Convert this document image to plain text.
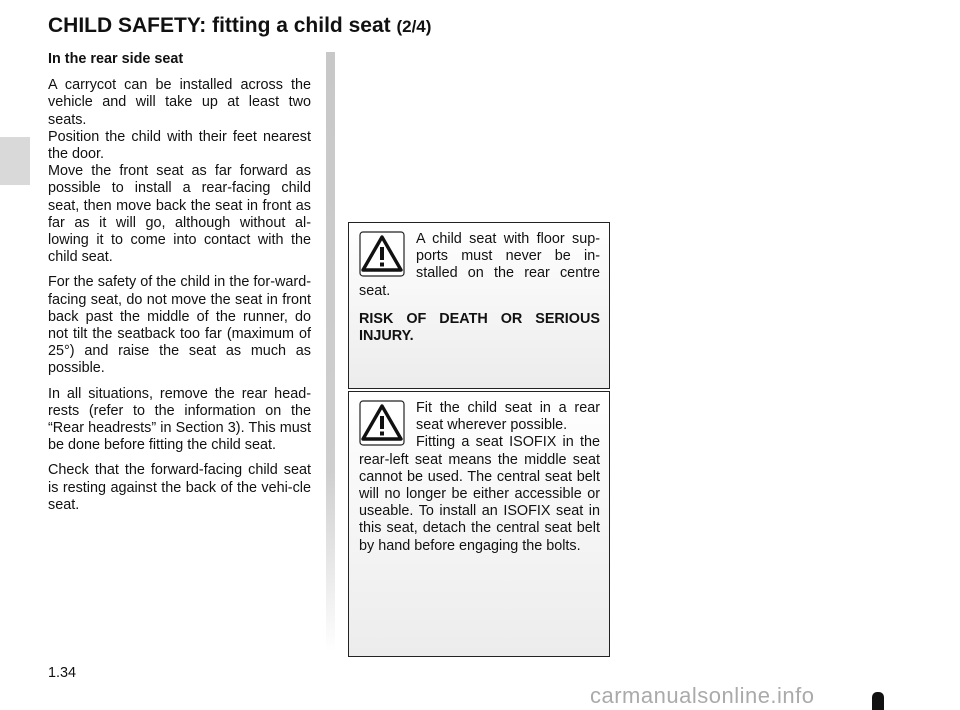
CHILD SAFETY: fitting a child seat (2/4)
In the rear side seat

A carrycot can be installed across the vehicle and will take up at least two seats.
Position the child with their feet nearest the door.
Move the front seat as far forward as possible to install a rear-facing child seat, then move back the seat in front as far as it will go, although without al-lowing it to come into contact with the child seat.

For the safety of the child in the for-ward-facing seat, do not move the seat in front back past the middle of the runner, do not tilt the seatback too far (maximum of 25°) and raise the seat as much as possible.

In all situations, remove the rear head-rests (refer to the information on the “Rear headrests” in Section 3). This must be done before fitting the child seat.

Check that the forward-facing child seat is resting against the back of the vehi-cle seat.

A child seat with floor sup-ports must never be in-stalled on the rear centre seat.

RISK OF DEATH OR SERIOUS INJURY.

Fit the child seat in a rear seat wherever possible.

Fitting a seat ISOFIX in the rear-left seat means the middle seat cannot be used. The central seat belt will no longer be either accessible or useable. To install an ISOFIX seat in this seat, detach the central seat belt by hand before engaging the bolts.

1.34
carmanualsonline.info
